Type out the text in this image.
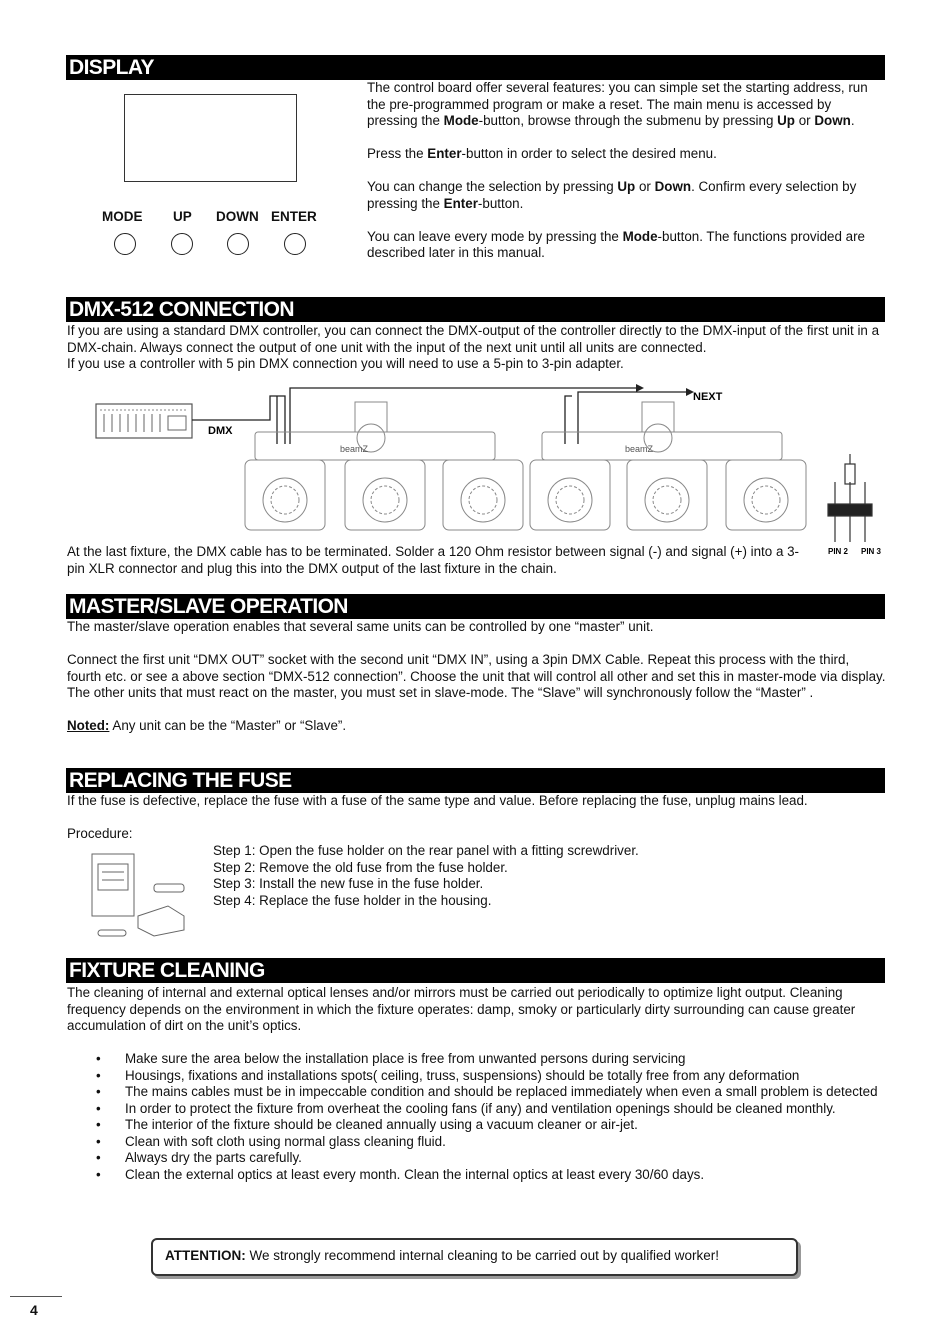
DISPLAY
MODE UP DOWN ENTER

The control board offer several features: you can simple set the starting address, run the pre-programmed program or make a reset. The main menu is accessed by pressing the Mode-button, browse through the submenu by pressing Up or Down.

Press the Enter-button in order to select the desired menu.

You can change the selection by pressing Up or Down. Confirm every selection by pressing the Enter-button.

You can leave every mode by pressing the Mode-button. The functions provided are described later in this manual.

DMX-512 CONNECTION

If you are using a standard DMX controller, you can connect the DMX-output of the controller directly to the DMX-input of the first unit in a DMX-chain. Always connect the output of one unit with the input of the next unit until all units are connected.

If you use a controller with 5 pin DMX connection you will need to use a 5-pin to 3-pin adapter.

DMX
NEXT
beamZ	beamZ
PIN 2 PIN 3
At the last fixture, the DMX cable has to be terminated. Solder a 120 Ohm resistor between signal (-) and signal (+) into a 3-pin XLR connector and plug this into the DMX output of the last fixture in the chain.
MASTER/SLAVE OPERATION

The master/slave operation enables that several same units can be controlled by one “master” unit.

Connect the first unit “DMX OUT” socket with the second unit “DMX IN”, using a 3pin DMX Cable. Repeat this process with the third, fourth etc. or see a above section “DMX-512 connection”. Choose the unit that will control all other and set this in master-mode via display. The other units that must react on the master, you must set in slave-mode. The “Slave” will synchronously follow the “Master” .

Noted: Any unit can be the “Master” or “Slave”.

REPLACING THE FUSE

If the fuse is defective, replace the fuse with a fuse of the same type and value. Before replacing the fuse, unplug mains lead.

Procedure:

Step 1: Open the fuse holder on the rear panel with a fitting screwdriver.

Step 2: Remove the old fuse from the fuse holder.

Step 3: Install the new fuse in the fuse holder.

Step 4: Replace the fuse holder in the housing.

FIXTURE CLEANING
The cleaning of internal and external optical lenses and/or mirrors must be carried out periodically to optimize light output. Cleaning frequency depends on the environment in which the fixture operates: damp, smoky or particularly dirty surrounding can cause greater accumulation of dirt on the unit’s optics.
• Make sure the area below the installation place is free from unwanted persons during servicing
• Housings, fixations and installations spots( ceiling, truss, suspensions) should be totally free from any deformation
• The mains cables must be in impeccable condition and should be replaced immediately when even a small problem is detected
• In order to protect the fixture from overheat the cooling fans (if any) and ventilation openings should be cleaned monthly.
• The interior of the fixture should be cleaned annually using a vacuum cleaner or air-jet.
• Clean with soft cloth using normal glass cleaning fluid.
• Always dry the parts carefully.
• Clean the external optics at least every month. Clean the internal optics at least every 30/60 days.
ATTENTION: We strongly recommend internal cleaning to be carried out by qualified worker!
4
